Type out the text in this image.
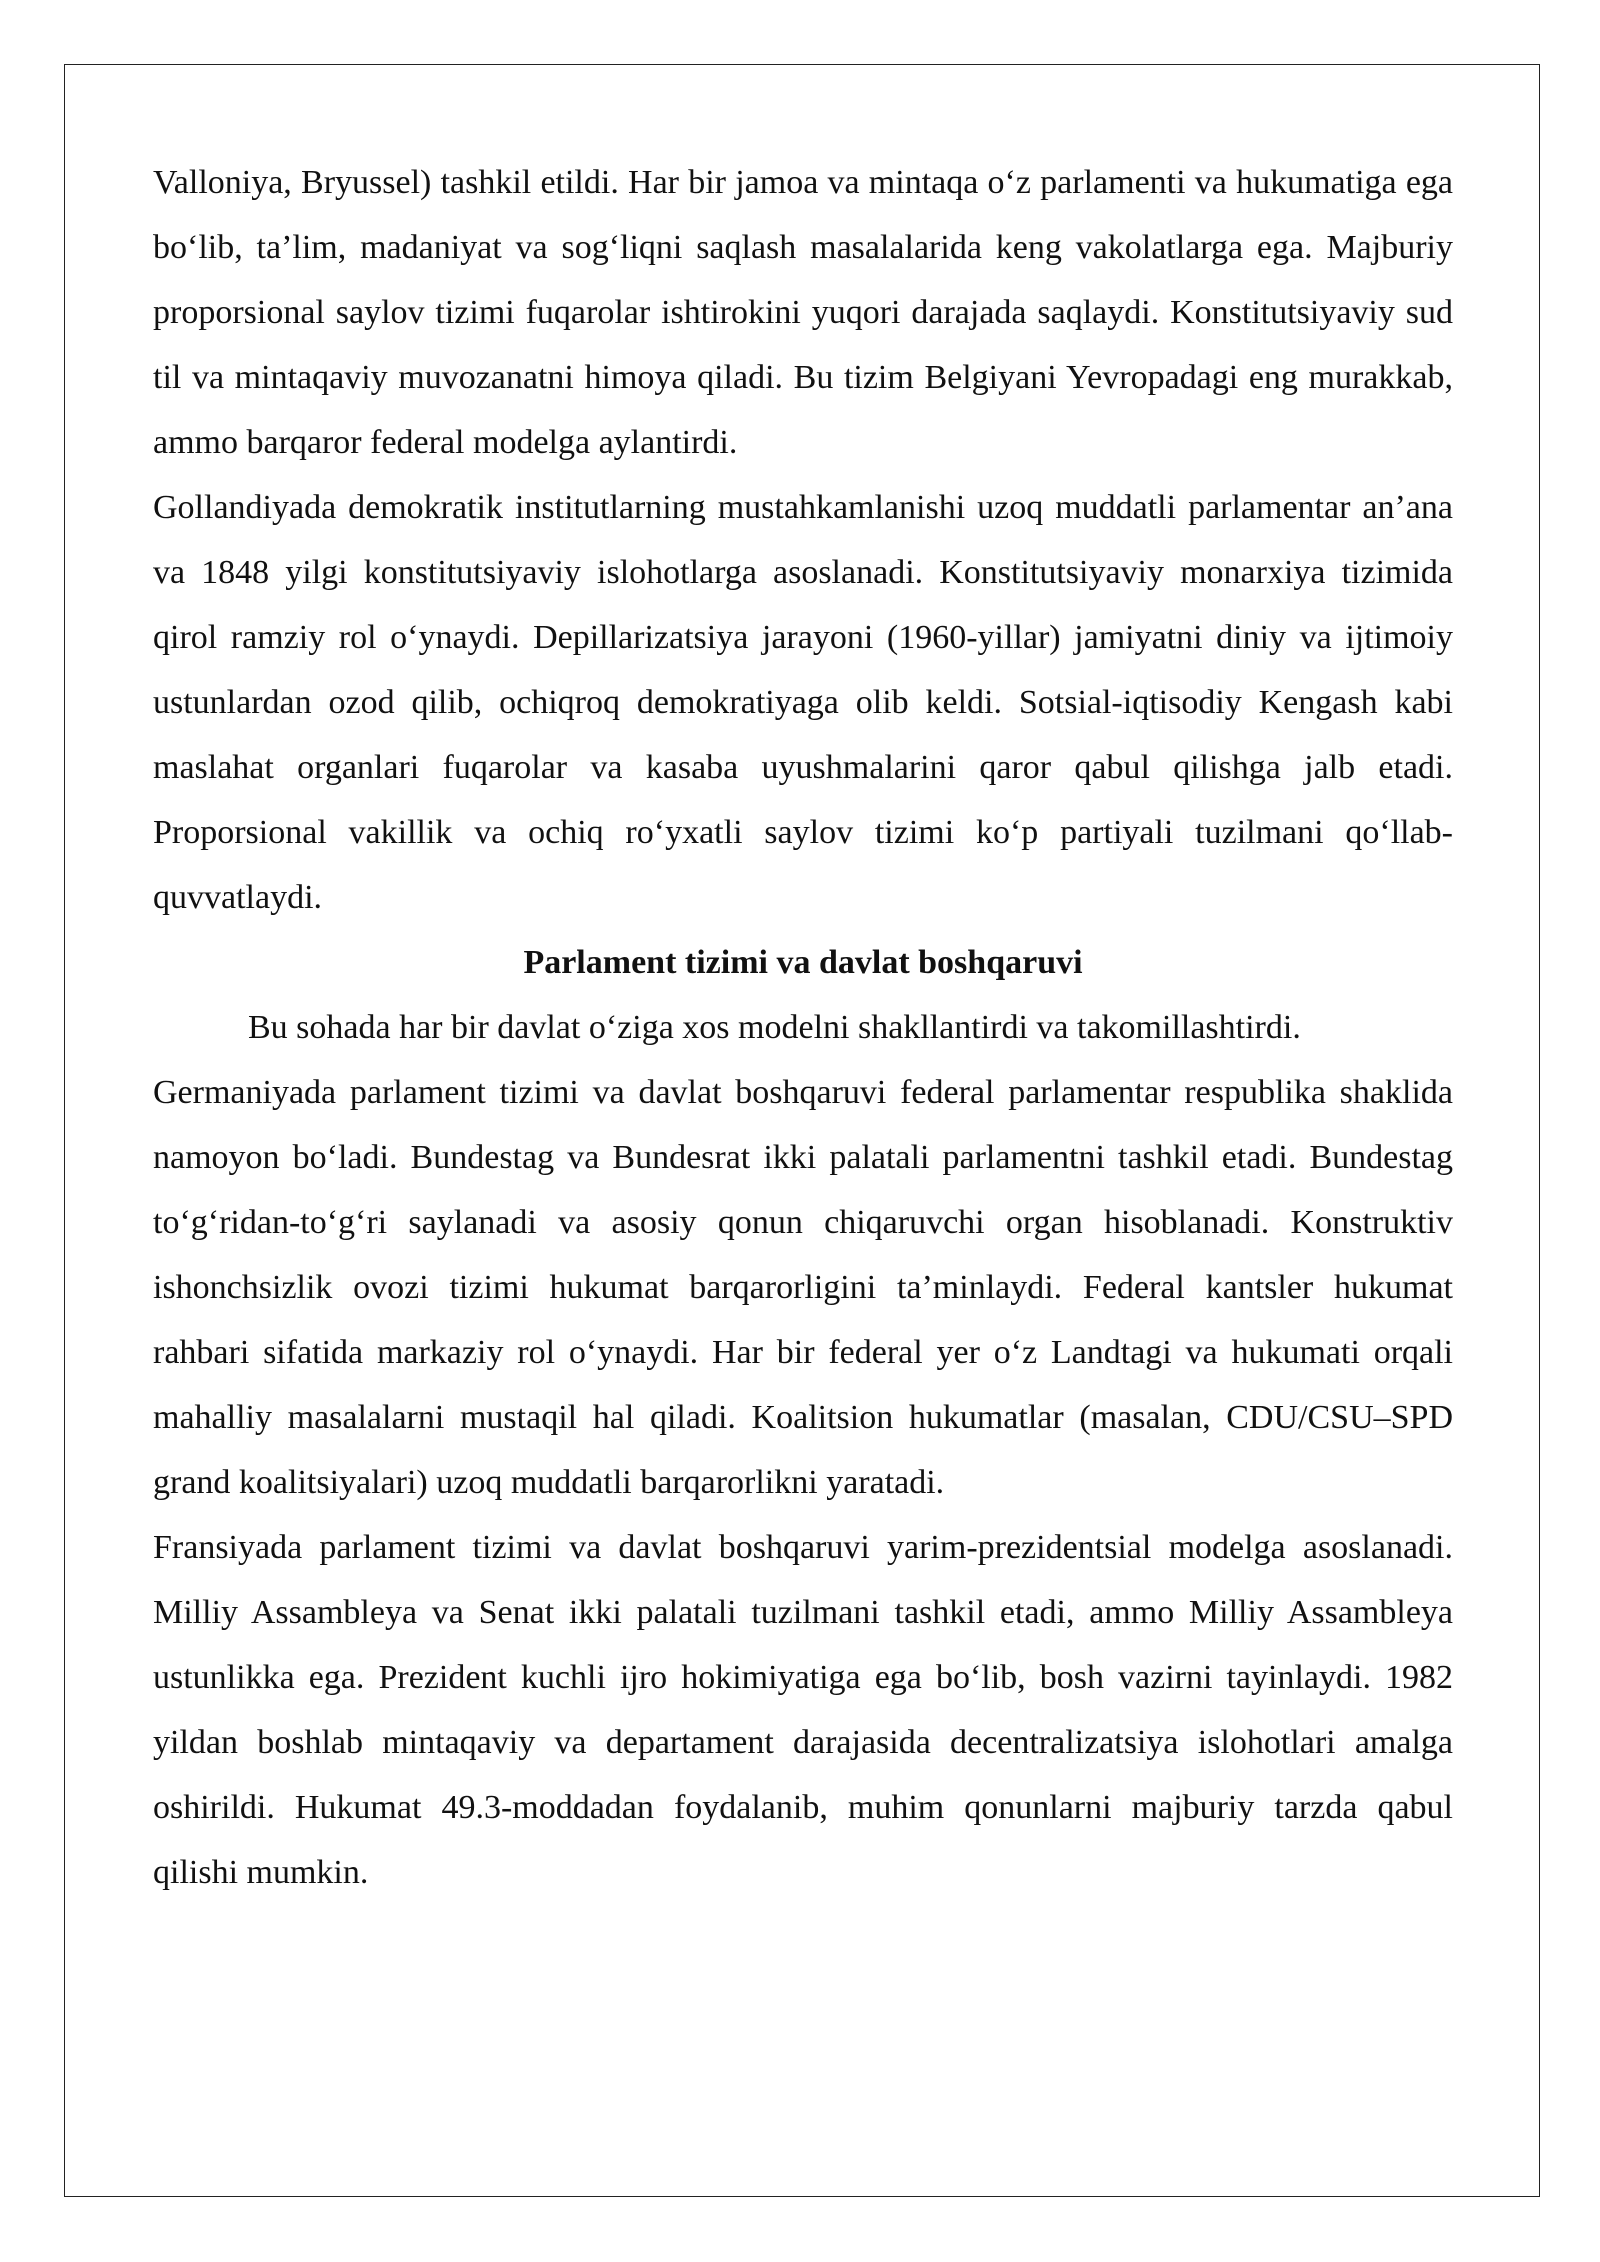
Valloniya, Bryussel) tashkil etildi. Har bir jamoa va mintaqa o‘z parlamenti va hukumatiga ega bo‘lib, ta’lim, madaniyat va sog‘liqni saqlash masalalarida keng vakolatlarga ega. Majburiy proporsional saylov tizimi fuqarolar ishtirokini yuqori darajada saqlaydi. Konstitutsiyaviy sud til va mintaqaviy muvozanatni himoya qiladi. Bu tizim Belgiyani Yevropadagi eng murakkab, ammo barqaror federal modelga aylantirdi.

Gollandiyada demokratik institutlarning mustahkamlanishi uzoq muddatli parlamentar an’ana va 1848 yilgi konstitutsiyaviy islohotlarga asoslanadi. Konstitutsiyaviy monarxiya tizimida qirol ramziy rol o‘ynaydi. Depillarizatsiya jarayoni (1960-yillar) jamiyatni diniy va ijtimoiy ustunlardan ozod qilib, ochiqroq demokratiyaga olib keldi. Sotsial-iqtisodiy Kengash kabi maslahat organlari fuqarolar va kasaba uyushmalarini qaror qabul qilishga jalb etadi. Proporsional vakillik va ochiq ro‘yxatli saylov tizimi ko‘p partiyali tuzilmani qo‘llab-quvvatlaydi.

Parlament tizimi va davlat boshqaruvi

Bu sohada har bir davlat o‘ziga xos modelni shakllantirdi va takomillashtirdi.

Germaniyada parlament tizimi va davlat boshqaruvi federal parlamentar respublika shaklida namoyon bo‘ladi. Bundestag va Bundesrat ikki palatali parlamentni tashkil etadi. Bundestag to‘g‘ridan-to‘g‘ri saylanadi va asosiy qonun chiqaruvchi organ hisoblanadi. Konstruktiv ishonchsizlik ovozi tizimi hukumat barqarorligini ta’minlaydi. Federal kantsler hukumat rahbari sifatida markaziy rol o‘ynaydi. Har bir federal yer o‘z Landtagi va hukumati orqali mahalliy masalalarni mustaqil hal qiladi. Koalitsion hukumatlar (masalan, CDU/CSU–SPD grand koalitsiyalari) uzoq muddatli barqarorlikni yaratadi.

Fransiyada parlament tizimi va davlat boshqaruvi yarim-prezidentsial modelga asoslanadi. Milliy Assambleya va Senat ikki palatali tuzilmani tashkil etadi, ammo Milliy Assambleya ustunlikka ega. Prezident kuchli ijro hokimiyatiga ega bo‘lib, bosh vazirni tayinlaydi. 1982 yildan boshlab mintaqaviy va departament darajasida decentralizatsiya islohotlari amalga oshirildi. Hukumat 49.3-moddadan foydalanib, muhim qonunlarni majburiy tarzda qabul qilishi mumkin.
